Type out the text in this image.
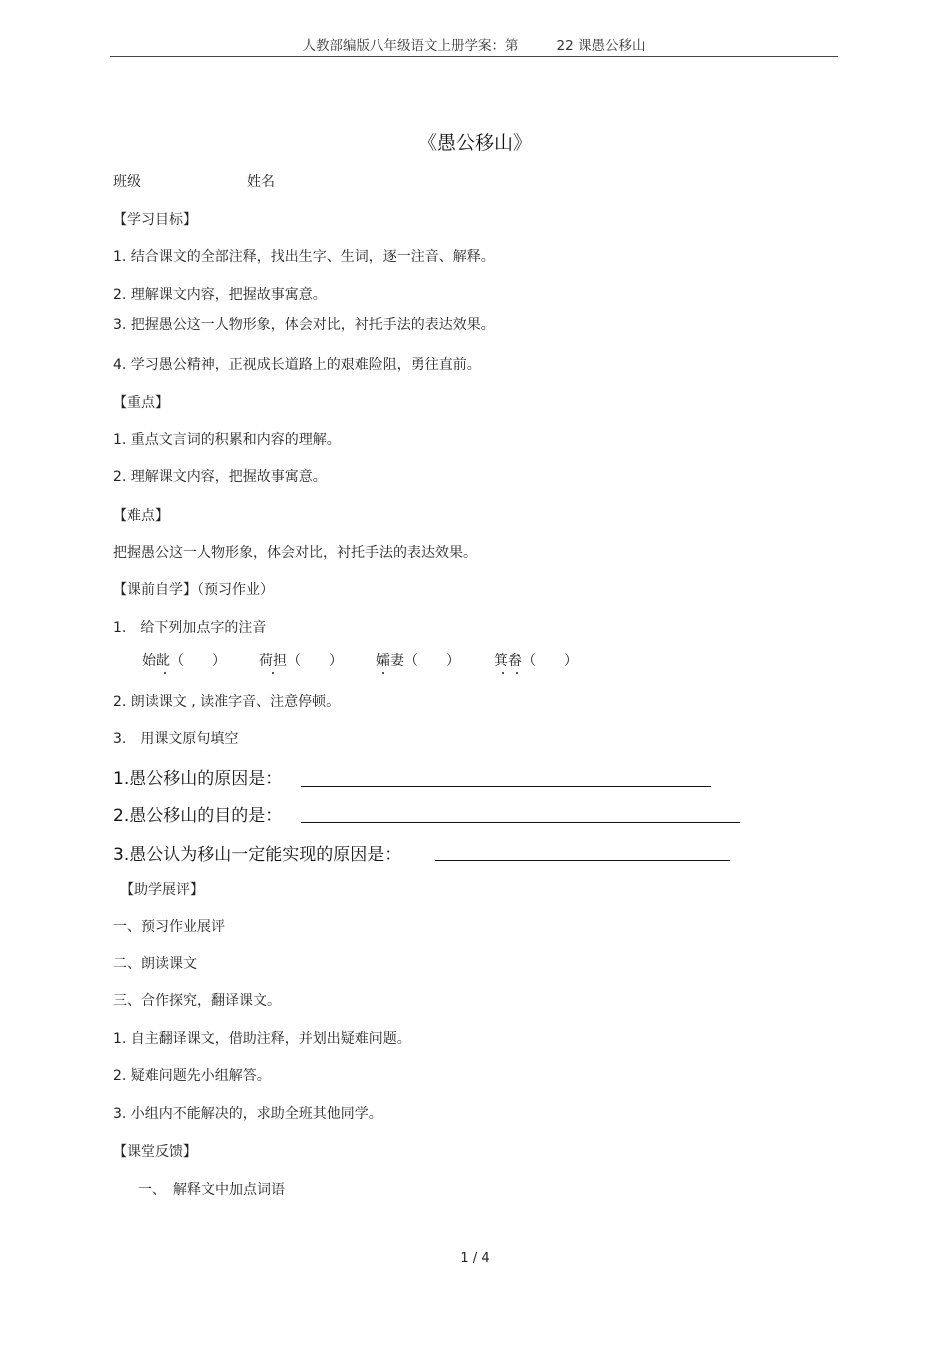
人教部编版八年级语文上册学案：第	22 课愚公移山
《愚公移山》
班级	姓名
【学习目标】
1. 结合课文的全部注释，找出生字、生词，逐一注音、解释。
2. 理解课文内容，把握故事寓意。
3. 把握愚公这一人物形象，体会对比，衬托手法的表达效果。
4. 学习愚公精神，正视成长道路上的艰难险阻，勇往直前。
【重点】
1. 重点文言词的积累和内容的理解。
2. 理解课文内容，把握故事寓意。
【难点】
把握愚公这一人物形象，体会对比，衬托手法的表达效果。
【课前自学】（预习作业）
1.　给下列加点字的注音
始龀（　　） 荷担（　　） 孀妻（　　） 箕畚（　　）
2. 朗读课文 , 读准字音、注意停顿。
3.　用课文原句填空
1.愚公移山的原因是：
2.愚公移山的目的是：
3.愚公认为移山一定能实现的原因是：
【助学展评】
一、预习作业展评
二、朗读课文
三、合作探究，翻译课文。
1. 自主翻译课文，借助注释，并划出疑难问题。
2. 疑难问题先小组解答。
3. 小组内不能解决的，求助全班其他同学。
【课堂反馈】
一、　解释文中加点词语
1 / 4
